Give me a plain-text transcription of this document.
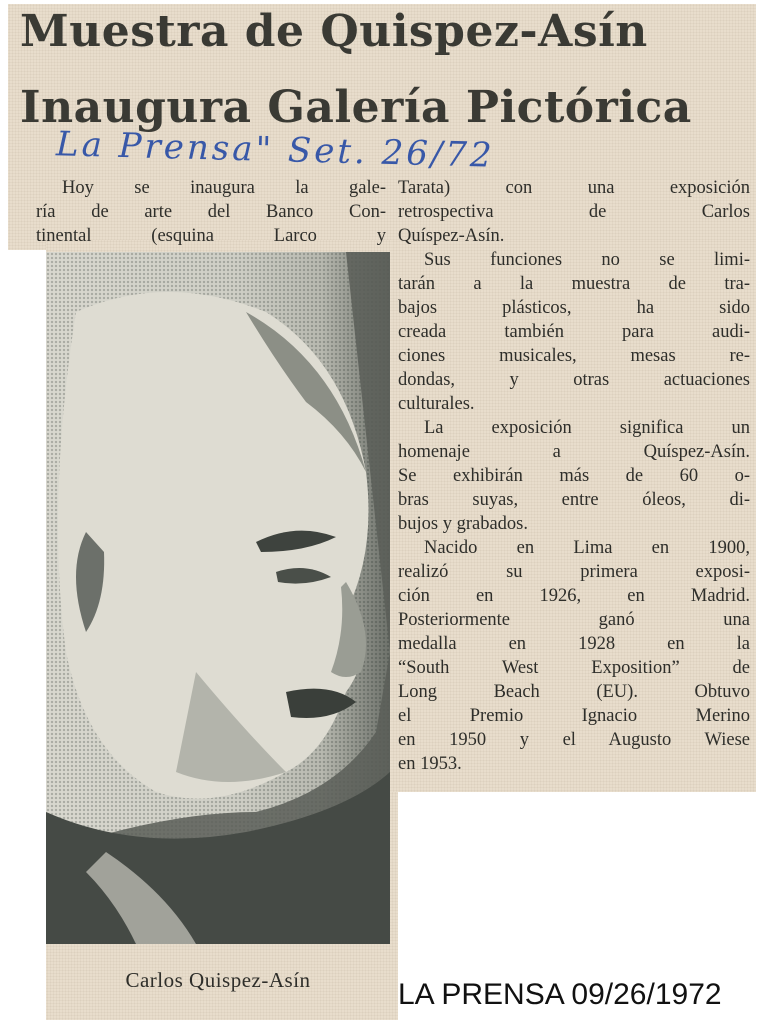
Muestra de Quispez-Asín
Inaugura Galería Pictórica
La Prensa" Set. 26/72
Hoy se inaugura la gale-
ría de arte del Banco Con-
tinental (esquina Larco y
Tarata) con una exposición
retrospectiva de Carlos
Quíspez-Asín.
Sus funciones no se limi-
tarán a la muestra de tra-
bajos plásticos, ha sido
creada también para audi-
ciones musicales, mesas re-
dondas, y otras actuaciones
culturales.
La exposición significa un
homenaje a Quíspez-Asín.
Se exhibirán más de 60 o-
bras suyas, entre óleos, di-
bujos y grabados.
Nacido en Lima en 1900,
realizó su primera exposi-
ción en 1926, en Madrid.
Posteriormente ganó una
medalla en 1928 en la
“South West Exposition” de
Long Beach (EU). Obtuvo
el Premio Ignacio Merino
en 1950 y el Augusto Wiese
en 1953.
Carlos Quispez-Asín	LA PRENSA 09/26/1972
